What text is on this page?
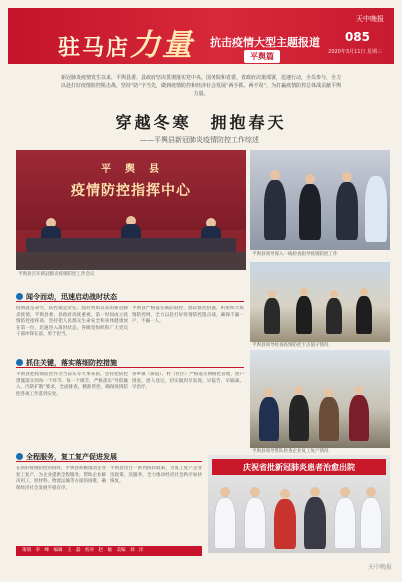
驻马店力量 抗击疫情大型主题报道
平舆篇
085
2020年3月11日 星期三
天中晚报
新冠肺炎疫情发生以来，平舆县委、县政府坚决贯彻落实党中央、国务院和省委、省政府决策部署，迅速行动，全员参与，全力以赴打好疫情防控阻击战，坚持“防”字当先，做到疫情防控和经济社会发展“两手抓、两不误”，为打赢疫情防控总体战贡献平舆力量。
穿越冬寒　拥抱春天
——平舆县新冠肺炎疫情防控工作综述
平　舆　县
疫情防控指挥中心
平舆县召开新冠肺炎疫情防控工作会议
平舆县领导深入一线检查指导疫情防控工作
平舆县领导检查疫情防控卡点值守情况
平舆县领导带队检查企业复工复产情况
庆祝省批新冠肺炎患者治愈出院
闻令而动，迅速启动战时状态
疫情就是命令，防控就是责任。面对突如其来的新冠肺炎疫情，平舆县委、县政府高度重视，第一时间成立疫情防控指挥部，坚持把人民群众生命安全和身体健康放在第一位，迅速进入战时状态，各级党组织和广大党员干部冲锋在前、勇于担当。
平舆县严格落实联防联控、群防群控措施，织密织牢疫情防控网，全力以赴打好疫情防控阻击战，确保不漏一户、不漏一人。
抓住关键，落实落细防控措施
平舆县把疫情防控作为当前头等大事来抓，坚持把防控措施落实到每一个环节、每一个细节，严格落实“外防输入、内防扩散”要求，全面排查，精准管控，确保疫情防控各项工作落到实处。
各乡镇（街道）、村（社区）严格落实网格化管理，逐户排查、逐人登记，切实做到早发现、早报告、早隔离、早治疗。
全程服务，复工复产促进发展
在抓好疫情防控的同时，平舆县积极推动企业复工复产，为企业提供全程服务，帮助企业解决用工、原材料、物流运输等方面的困难，确保经济社会发展平稳有序。
平舆县出台一系列扶持政策，为复工复产企业送政策、送服务，全力推动经济社会秩序加快恢复。
策划　李　峰　编辑　王　磊　校对　赵　敏　美编　刘　洋
天中晚报
